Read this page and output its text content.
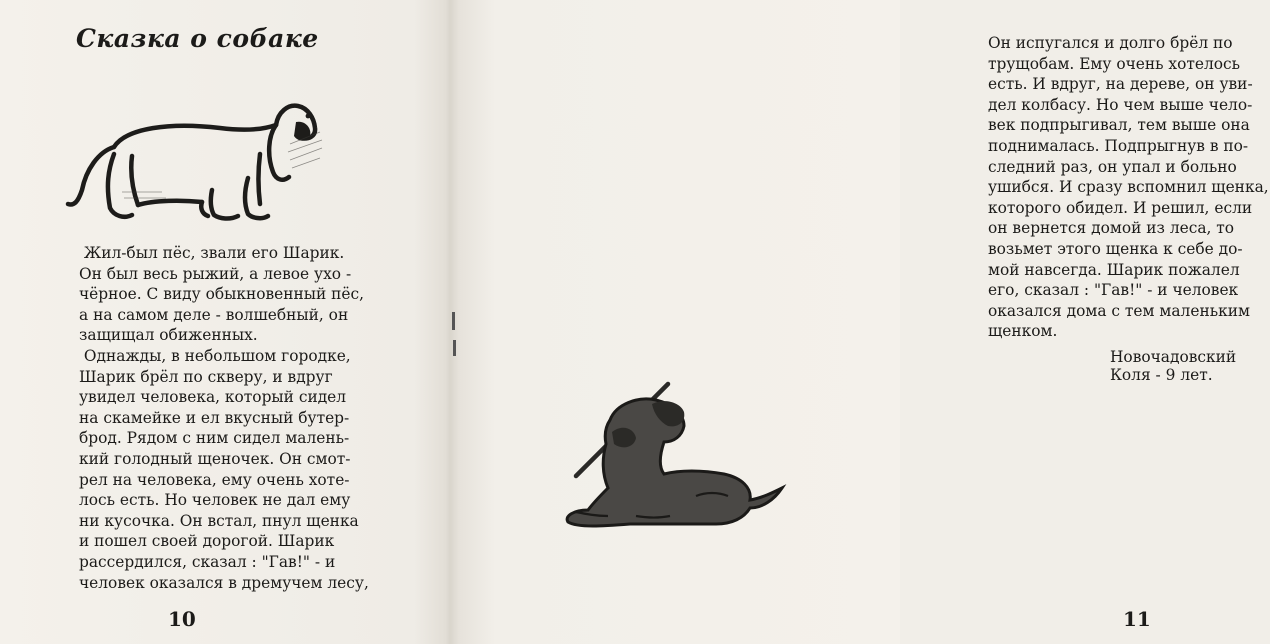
Сказка о собаке

Жил-был пёс, звали его Шарик.
Он был весь рыжий, а левое ухо -
чёрное. С виду обыкновенный пёс,
а на самом деле - волшебный, он
защищал обиженных.

Однажды, в небольшом городке,
Шарик брёл по скверу, и вдруг
увидел человека, который сидел
на скамейке и ел вкусный бутер-
брод. Рядом с ним сидел малень-
кий голодный щеночек. Он смот-
рел на человека, ему очень хоте-
лось есть. Но человек не дал ему
ни кусочка. Он встал, пнул щенка
и пошел своей дорогой. Шарик
рассердился, сказал : "Гав!" - и
человек оказался в дремучем лесу,

10

Он испугался и долго брёл по
трущобам. Ему очень хотелось
есть. И вдруг, на дереве, он уви-
дел колбасу. Но чем выше чело-
век подпрыгивал, тем выше она
поднималась. Подпрыгнув в по-
следний раз, он упал и больно
ушибся. И сразу вспомнил щенка,
которого обидел. И решил, если
он вернется домой из леса, то
возьмет этого щенка к себе до-
мой навсегда. Шарик пожалел
его, сказал : "Гав!" - и человек
оказался дома с тем маленьким
щенком.

Новочадовский Коля - 9 лет.
11
